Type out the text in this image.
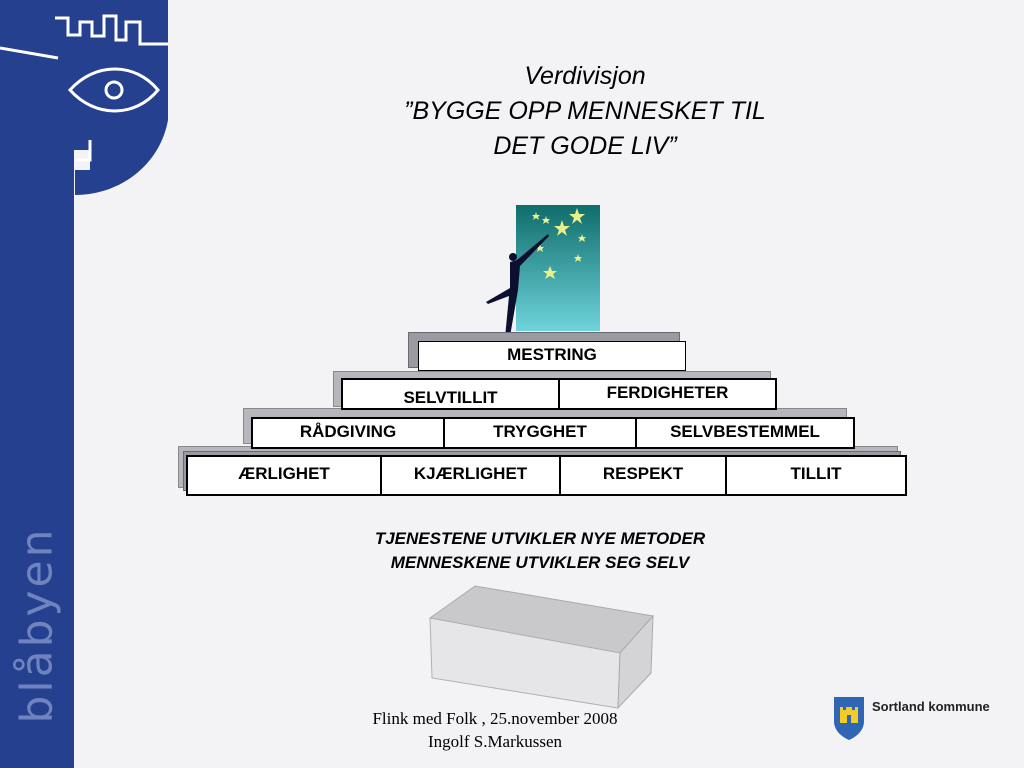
blåbyen
Verdivisjon
”BYGGE OPP MENNESKET TIL
DET GODE LIV”
MESTRING
SELVTILLIT	FERDIGHETER
RÅDGIVING	TRYGGHET	SELVBESTEMMEL
ÆRLIGHET	KJÆRLIGHET	RESPEKT	TILLIT
TJENESTENE UTVIKLER NYE METODER
MENNESKENE UTVIKLER SEG SELV
Flink med Folk , 25.november 2008
Ingolf S.Markussen
Sortland kommune
